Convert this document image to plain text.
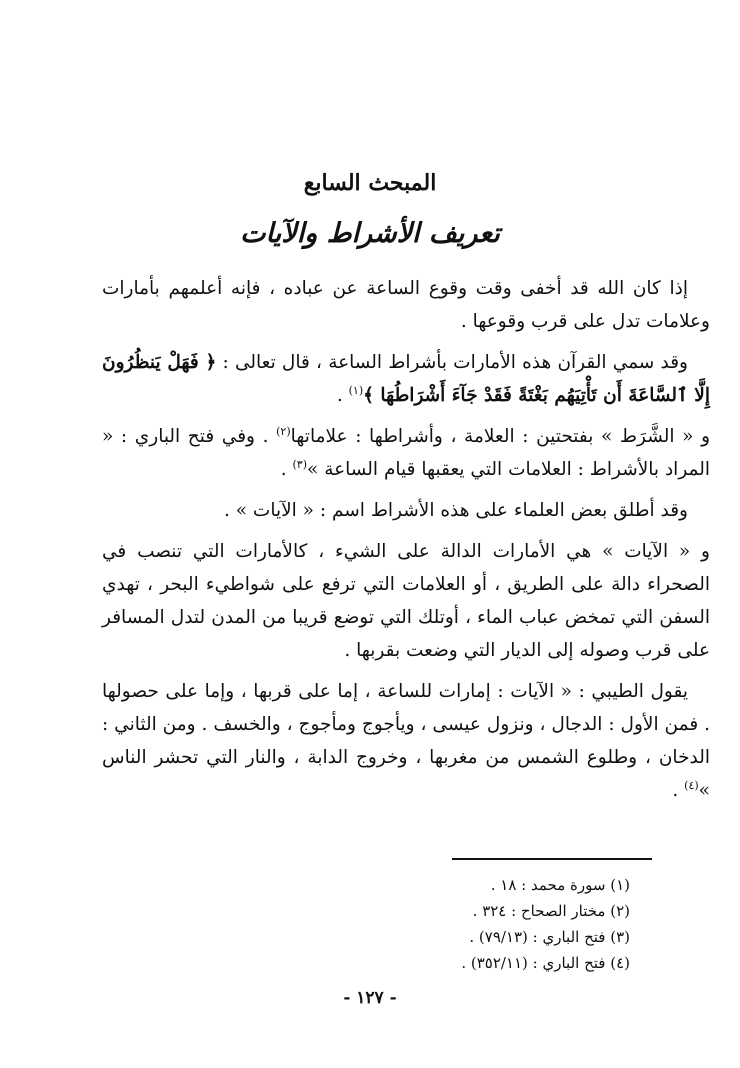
المبحث السابع
تعريف الأشراط والآيات

إذا كان الله قد أخفى وقت وقوع الساعة عن عباده ، فإنه أعلمهم بأمارات وعلامات تدل على قرب وقوعها .

وقد سمي القرآن هذه الأمارات بأشراط الساعة ، قال تعالى : ﴿ فَهَلْ يَنظُرُونَ إِلَّا ٱلسَّاعَةَ أَن تَأْتِيَهُم بَغْتَةً فَقَدْ جَآءَ أَشْرَاطُهَا ﴾$^{(١)}$ .

و « الشَّرَط » بفتحتين : العلامة ، وأشراطها : علاماتها$^{(٢)}$ . وفي فتح الباري : « المراد بالأشراط : العلامات التي يعقبها قيام الساعة »$^{(٣)}$ .

وقد أطلق بعض العلماء على هذه الأشراط اسم : « الآيات » .

و « الآيات » هي الأمارات الدالة على الشيء ، كالأمارات التي تنصب في الصحراء دالة على الطريق ، أو العلامات التي ترفع على شواطيء البحر ، تهدي السفن التي تمخض عباب الماء ، أوتلك التي توضع قريبا من المدن لتدل المسافر على قرب وصوله إلى الديار التي وضعت بقربها .

يقول الطيبي : « الآيات : إمارات للساعة ، إما على قربها ، وإما على حصولها . فمن الأول : الدجال ، ونزول عيسى ، ويأجوج ومأجوج ، والخسف . ومن الثاني : الدخان ، وطلوع الشمس من مغربها ، وخروج الدابة ، والنار التي تحشر الناس »$^{(٤)}$ .

(١) سورة محمد : ١٨ .
(٢) مختار الصحاح : ٣٢٤ .
(٣) فتح الباري : (٧٩/١٣) .
(٤) فتح الباري : (٣٥٢/١١) .
- ١٢٧ -
